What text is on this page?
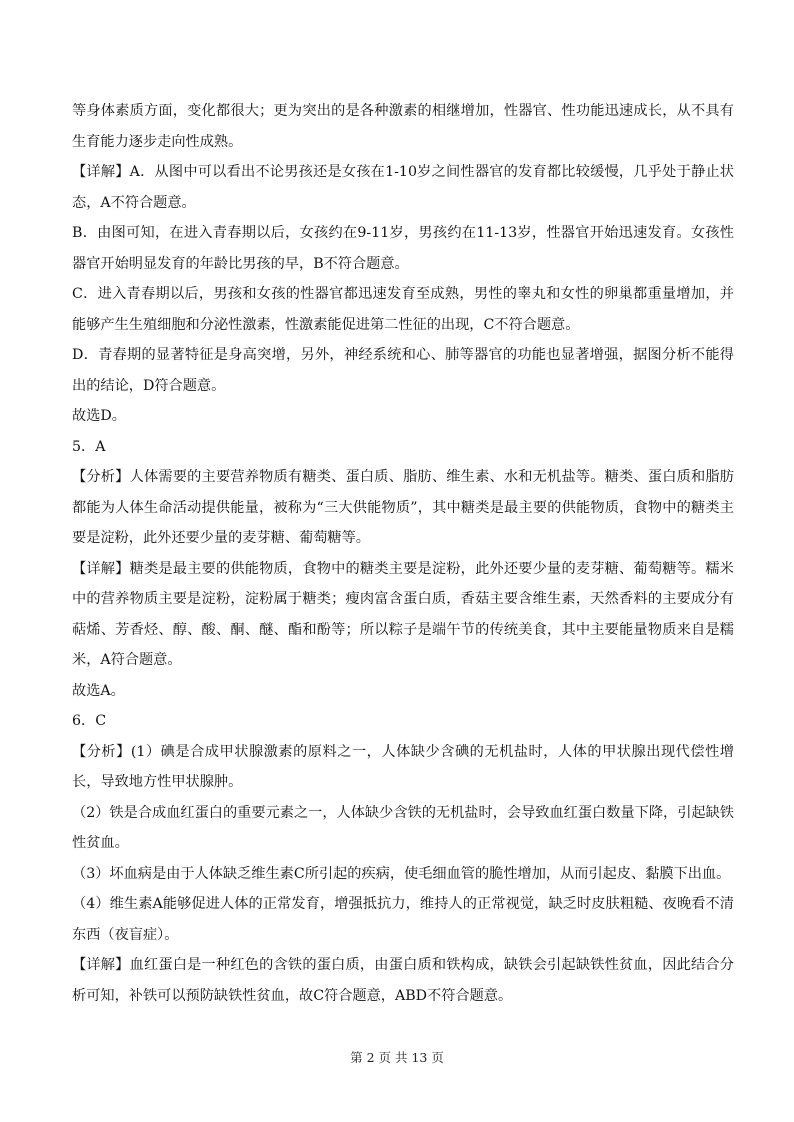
等身体素质方面，变化都很大；更为突出的是各种激素的相继增加，性器官、性功能迅速成长，从不具有生育能力逐步走向性成熟。

【详解】A．从图中可以看出不论男孩还是女孩在1-10岁之间性器官的发育都比较缓慢，几乎处于静止状态，A不符合题意。

B．由图可知，在进入青春期以后，女孩约在9-11岁，男孩约在11-13岁，性器官开始迅速发育。女孩性器官开始明显发育的年龄比男孩的早，B不符合题意。

C．进入青春期以后，男孩和女孩的性器官都迅速发育至成熟，男性的睾丸和女性的卵巢都重量增加，并能够产生生殖细胞和分泌性激素，性激素能促进第二性征的出现，C不符合题意。

D．青春期的显著特征是身高突增，另外，神经系统和心、肺等器官的功能也显著增强，据图分析不能得出的结论，D符合题意。

故选D。

5．A

【分析】人体需要的主要营养物质有糖类、蛋白质、脂肪、维生素、水和无机盐等。糖类、蛋白质和脂肪都能为人体生命活动提供能量，被称为“三大供能物质”，其中糖类是最主要的供能物质，食物中的糖类主要是淀粉，此外还要少量的麦芽糖、葡萄糖等。

【详解】糖类是最主要的供能物质，食物中的糖类主要是淀粉，此外还要少量的麦芽糖、葡萄糖等。糯米中的营养物质主要是淀粉，淀粉属于糖类；瘦肉富含蛋白质，香菇主要含维生素，天然香料的主要成分有萜烯、芳香烃、醇、酸、酮、醚、酯和酚等；所以粽子是端午节的传统美食，其中主要能量物质来自是糯米，A符合题意。

故选A。

6．C

【分析】(1）碘是合成甲状腺激素的原料之一，人体缺少含碘的无机盐时，人体的甲状腺出现代偿性增长，导致地方性甲状腺肿。

（2）铁是合成血红蛋白的重要元素之一，人体缺少含铁的无机盐时，会导致血红蛋白数量下降，引起缺铁性贫血。

（3）坏血病是由于人体缺乏维生素C所引起的疾病，使毛细血管的脆性增加，从而引起皮、黏膜下出血。

（4）维生素A能够促进人体的正常发育，增强抵抗力，维持人的正常视觉，缺乏时皮肤粗糙、夜晚看不清东西（夜盲症）。

【详解】血红蛋白是一种红色的含铁的蛋白质，由蛋白质和铁构成，缺铁会引起缺铁性贫血，因此结合分析可知，补铁可以预防缺铁性贫血，故C符合题意，ABD不符合题意。

第 2 页 共 13 页
